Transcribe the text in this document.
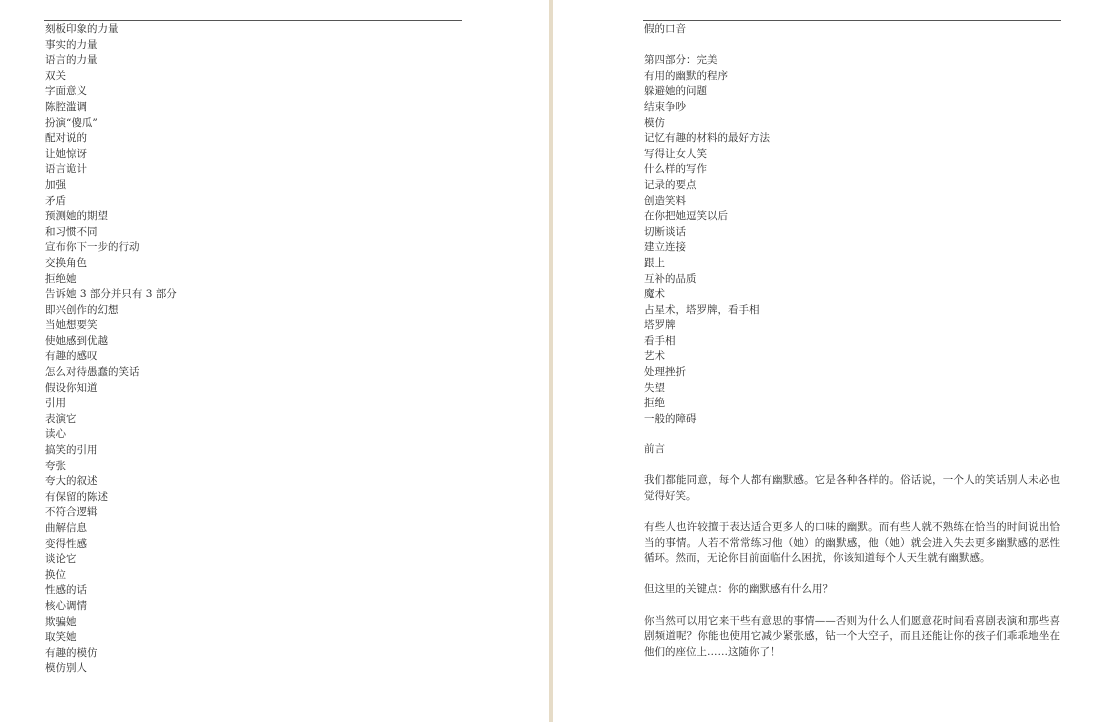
刻板印象的力量
事实的力量
语言的力量
双关
字面意义
陈腔滥调
扮演“傻瓜”
配对说的
让她惊讶
语言诡计
加强
矛盾
预测她的期望
和习惯不同
宣布你下一步的行动
交换角色
拒绝她
告诉她 3 部分并只有 3 部分
即兴创作的幻想
当她想要笑
使她感到优越
有趣的感叹
怎么对待愚蠢的笑话
假设你知道
引用
表演它
读心
搞笑的引用
夸张
夸大的叙述
有保留的陈述
不符合逻辑
曲解信息
变得性感
谈论它
换位
性感的话
核心调情
欺骗她
取笑她
有趣的模仿
模仿别人
假的口音
第四部分：完美
有用的幽默的程序
躲避她的问题
结束争吵
模仿
记忆有趣的材料的最好方法
写得让女人笑
什么样的写作
记录的要点
创造笑料
在你把她逗笑以后
切断谈话
建立连接
跟上
互补的品质
魔术
占星术，塔罗牌，看手相
塔罗牌
看手相
艺术
处理挫折
失望
拒绝
一般的障碍

前言

我们都能同意，每个人都有幽默感。它是各种各样的。俗话说，一个人的笑话别人未必也觉得好笑。

有些人也许较擅于表达适合更多人的口味的幽默。而有些人就不熟练在恰当的时间说出恰当的事情。人若不常常练习他（她）的幽默感，他（她）就会进入失去更多幽默感的恶性循环。然而，无论你目前面临什么困扰，你该知道每个人天生就有幽默感。

但这里的关键点：你的幽默感有什么用？

你当然可以用它来干些有意思的事情——否则为什么人们愿意花时间看喜剧表演和那些喜剧频道呢？你能也使用它减少紧张感，钻一个大空子，而且还能让你的孩子们乖乖地坐在他们的座位上……这随你了！
